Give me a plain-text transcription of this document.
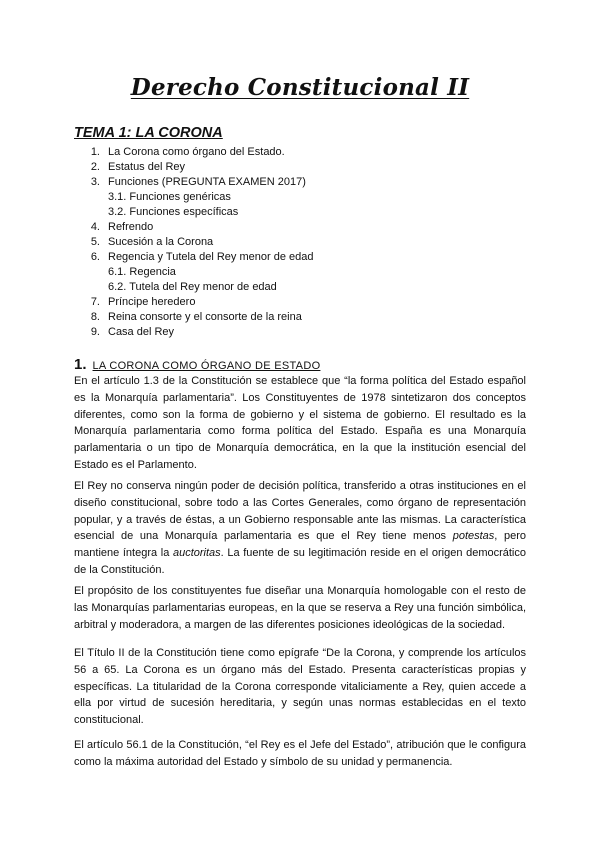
Derecho Constitucional II
TEMA 1: LA CORONA
1. La Corona como órgano del Estado.
2. Estatus del Rey
3. Funciones (PREGUNTA EXAMEN 2017)
3.1. Funciones genéricas
3.2. Funciones específicas
4. Refrendo
5. Sucesión a la Corona
6. Regencia y Tutela del Rey menor de edad
6.1. Regencia
6.2. Tutela del Rey menor de edad
7. Príncipe heredero
8. Reina consorte y el consorte de la reina
9. Casa del Rey
1. LA CORONA COMO ÓRGANO DE ESTADO

En el artículo 1.3 de la Constitución se establece que “la forma política del Estado español es la Monarquía parlamentaria”. Los Constituyentes de 1978 sintetizaron dos conceptos diferentes, como son la forma de gobierno y el sistema de gobierno. El resultado es la Monarquía parlamentaria como forma política del Estado. España es una Monarquía parlamentaria o un tipo de Monarquía democrática, en la que la institución esencial del Estado es el Parlamento.

El Rey no conserva ningún poder de decisión política, transferido a otras instituciones en el diseño constitucional, sobre todo a las Cortes Generales, como órgano de representación popular, y a través de éstas, a un Gobierno responsable ante las mismas. La característica esencial de una Monarquía parlamentaria es que el Rey tiene menos potestas, pero mantiene íntegra la auctoritas. La fuente de su legitimación reside en el origen democrático de la Constitución.

El propósito de los constituyentes fue diseñar una Monarquía homologable con el resto de las Monarquías parlamentarias europeas, en la que se reserva a Rey una función simbólica, arbitral y moderadora, a margen de las diferentes posiciones ideológicas de la sociedad.

El Título II de la Constitución tiene como epígrafe “De la Corona, y comprende los artículos 56 a 65. La Corona es un órgano más del Estado. Presenta características propias y específicas. La titularidad de la Corona corresponde vitaliciamente a Rey, quien accede a ella por virtud de sucesión hereditaria, y según unas normas establecidas en el texto constitucional.

El artículo 56.1 de la Constitución, “el Rey es el Jefe del Estado”, atribución que le configura como la máxima autoridad del Estado y símbolo de su unidad y permanencia.
